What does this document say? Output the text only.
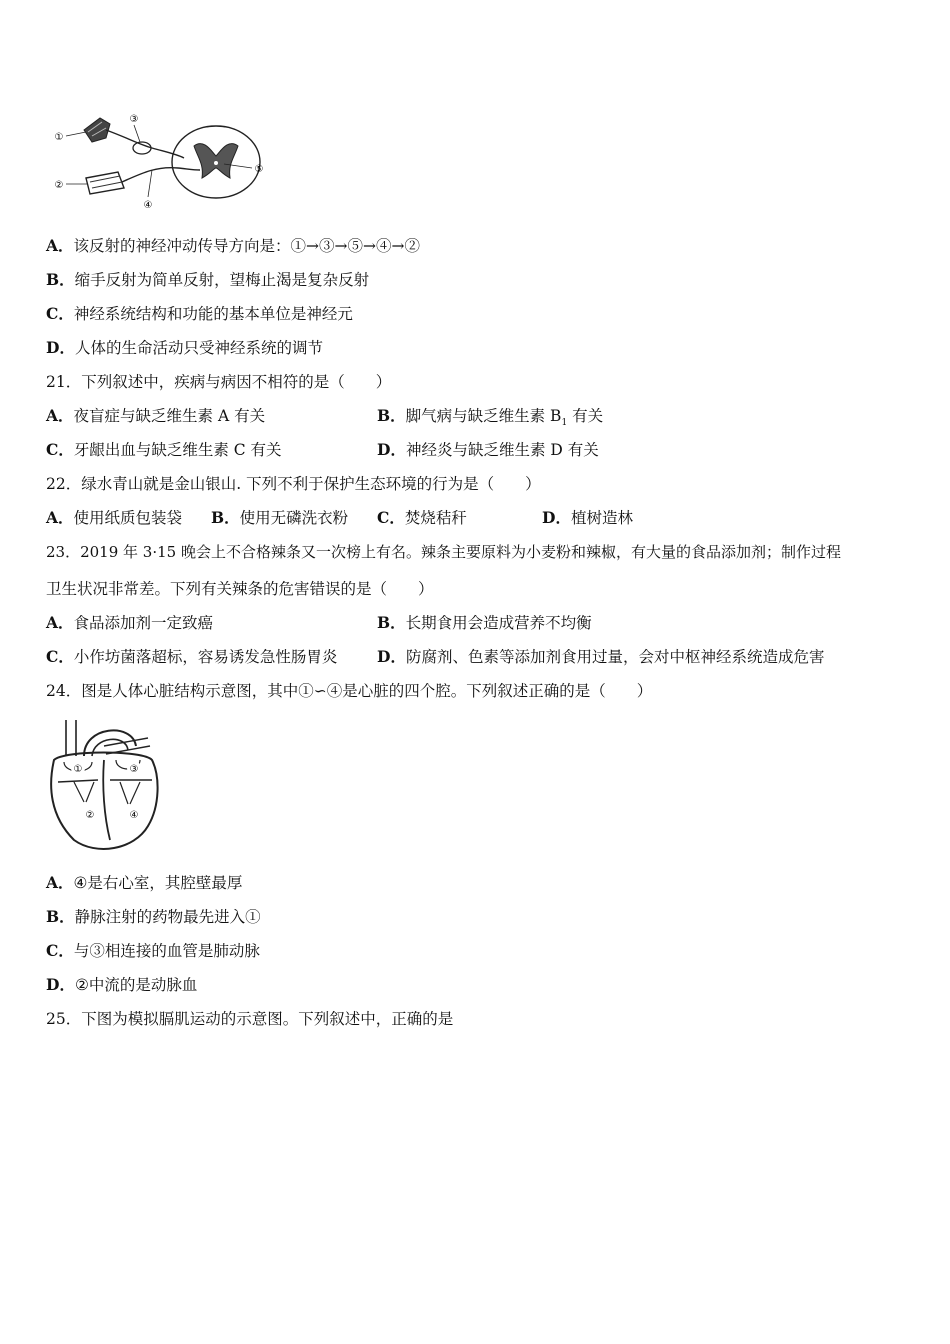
①
②
③
④
⑤
A．该反射的神经冲动传导方向是：①→③→⑤→④→②
B．缩手反射为简单反射，望梅止渴是复杂反射
C．神经系统结构和功能的基本单位是神经元
D．人体的生命活动只受神经系统的调节
21．下列叙述中，疾病与病因不相符的是（　　）
A．夜盲症与缺乏维生素 A 有关	B．脚气病与缺乏维生素 $B_1$ 有关
C．牙龈出血与缺乏维生素 C 有关	D．神经炎与缺乏维生素 D 有关
22．绿水青山就是金山银山. 下列不利于保护生态环境的行为是（　　）
A．使用纸质包装袋 B．使用无磷洗衣粉 C．焚烧秸秆	D．植树造林
23．2019 年 3·15 晚会上不合格辣条又一次榜上有名。辣条主要原料为小麦粉和辣椒，有大量的食品添加剂；制作过程
卫生状况非常差。下列有关辣条的危害错误的是（　　）
A．食品添加剂一定致癌	B．长期食用会造成营养不均衡
C．小作坊菌落超标，容易诱发急性肠胃炎	D．防腐剂、色素等添加剂食用过量，会对中枢神经系统造成危害
24．图是人体心脏结构示意图，其中①∽④是心脏的四个腔。下列叙述正确的是（　　）
①
②
③
④
A．④是右心室，其腔壁最厚
B．静脉注射的药物最先进入①
C．与③相连接的血管是肺动脉
D．②中流的是动脉血
25．下图为模拟膈肌运动的示意图。下列叙述中，正确的是
